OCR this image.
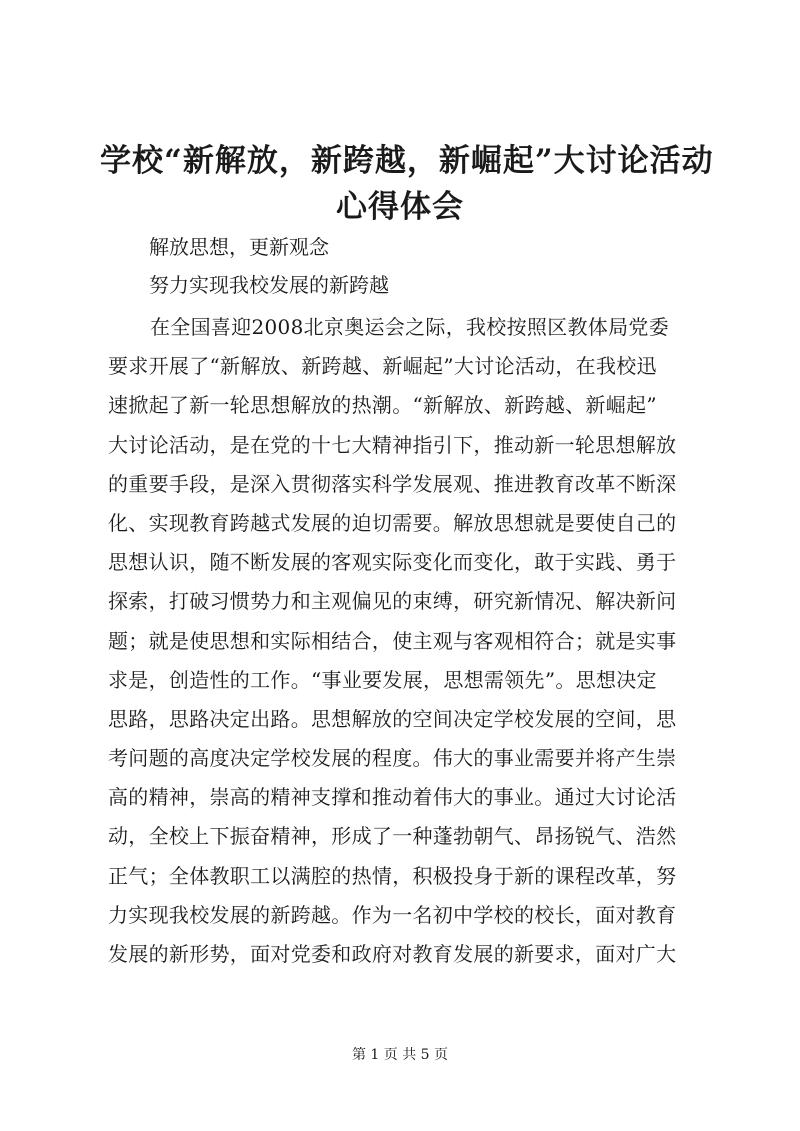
学校“新解放，新跨越，新崛起”大讨论活动
心得体会

解放思想，更新观念

努力实现我校发展的新跨越

在全国喜迎2008北京奥运会之际，我校按照区教体局党委
要求开展了“新解放、新跨越、新崛起”大讨论活动，在我校迅
速掀起了新一轮思想解放的热潮。“新解放、新跨越、新崛起”
大讨论活动，是在党的十七大精神指引下，推动新一轮思想解放
的重要手段，是深入贯彻落实科学发展观、推进教育改革不断深
化、实现教育跨越式发展的迫切需要。解放思想就是要使自己的
思想认识，随不断发展的客观实际变化而变化，敢于实践、勇于
探索，打破习惯势力和主观偏见的束缚，研究新情况、解决新问
题；就是使思想和实际相结合，使主观与客观相符合；就是实事
求是，创造性的工作。“事业要发展，思想需领先”。思想决定
思路，思路决定出路。思想解放的空间决定学校发展的空间，思
考问题的高度决定学校发展的程度。伟大的事业需要并将产生崇
高的精神，崇高的精神支撑和推动着伟大的事业。通过大讨论活
动，全校上下振奋精神，形成了一种蓬勃朝气、昂扬锐气、浩然
正气；全体教职工以满腔的热情，积极投身于新的课程改革，努
力实现我校发展的新跨越。作为一名初中学校的校长，面对教育
发展的新形势，面对党委和政府对教育发展的新要求，面对广大
第 1 页 共 5 页
